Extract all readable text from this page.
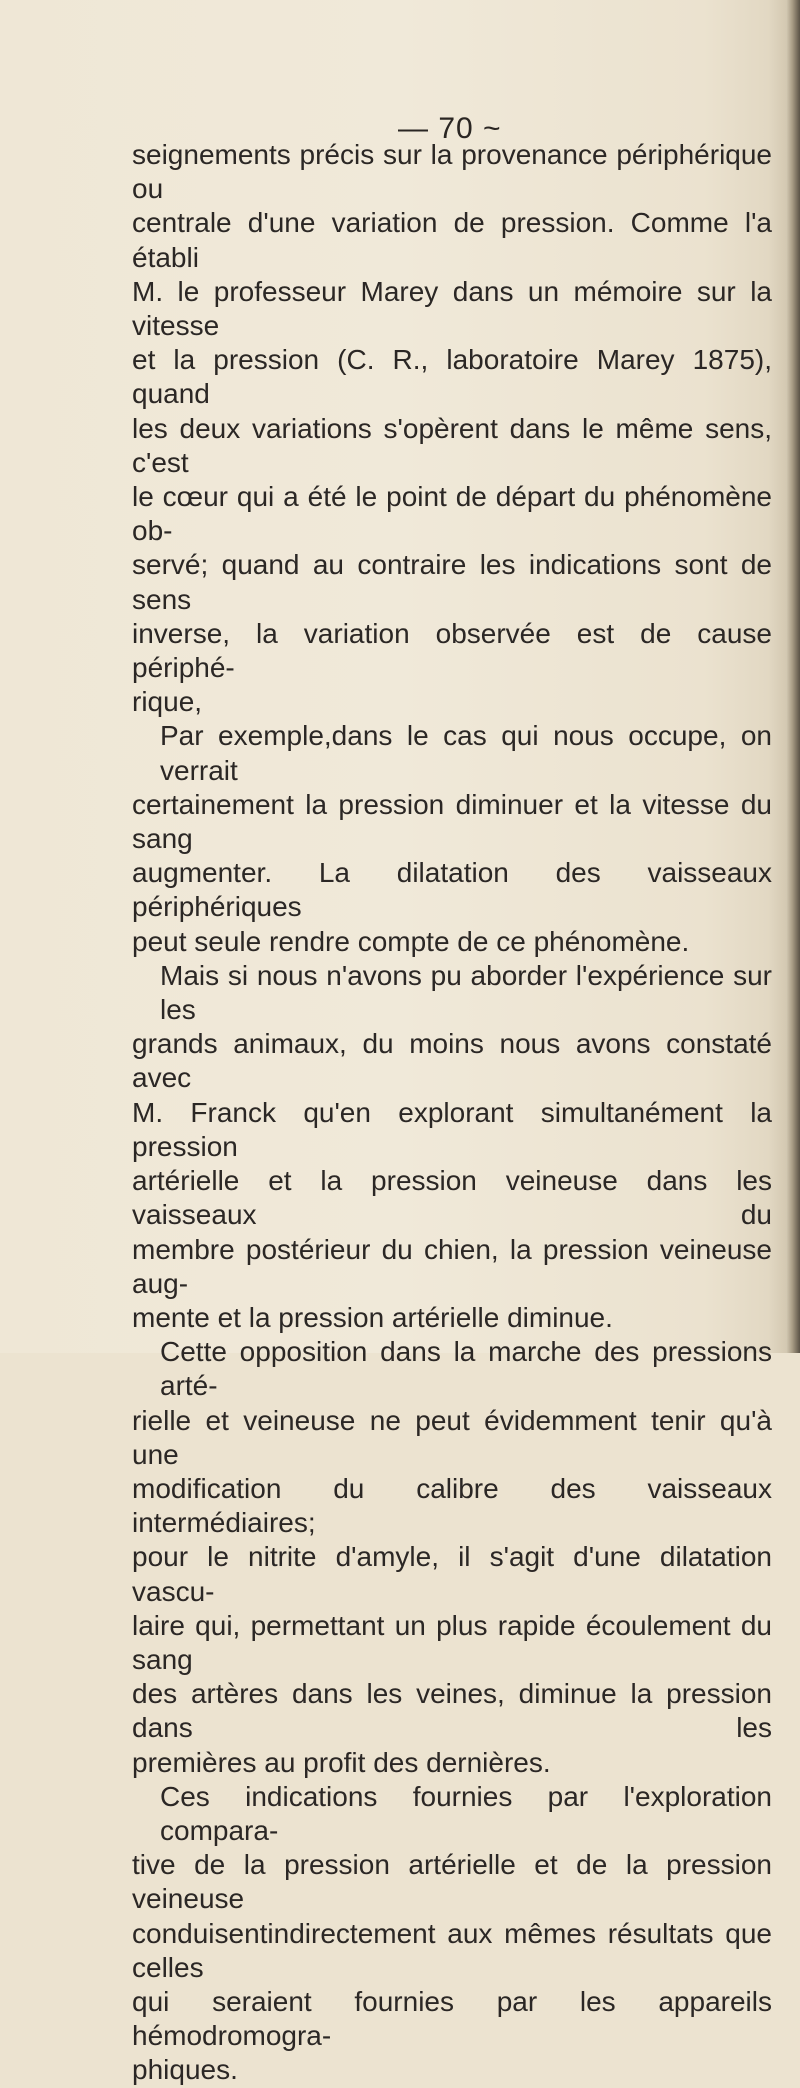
— 70 ~
seignements précis sur la provenance périphérique ou
centrale d'une variation de pression. Comme l'a établi
M. le professeur Marey dans un mémoire sur la vitesse
et la pression (C. R., laboratoire Marey 1875), quand
les deux variations s'opèrent dans le même sens, c'est
le cœur qui a été le point de départ du phénomène ob-
servé; quand au contraire les indications sont de sens
inverse, la variation observée est de cause périphé-
rique,
Par exemple,dans le cas qui nous occupe, on verrait
certainement la pression diminuer et la vitesse du sang
augmenter. La dilatation des vaisseaux périphériques
peut seule rendre compte de ce phénomène.
Mais si nous n'avons pu aborder l'expérience sur les
grands animaux, du moins nous avons constaté avec
M. Franck qu'en explorant simultanément la pression
artérielle et la pression veineuse dans les vaisseaux du
membre postérieur du chien, la pression veineuse aug-
mente et la pression artérielle diminue.
Cette opposition dans la marche des pressions arté-
rielle et veineuse ne peut évidemment tenir qu'à une
modification du calibre des vaisseaux intermédiaires;
pour le nitrite d'amyle, il s'agit d'une dilatation vascu-
laire qui, permettant un plus rapide écoulement du sang
des artères dans les veines, diminue la pression dans les
premières au profit des dernières.
Ces indications fournies par l'exploration compara-
tive de la pression artérielle et de la pression veineuse
conduisentindirectement aux mêmes résultats que celles
qui seraient fournies par les appareils hémodromogra-
phiques.
